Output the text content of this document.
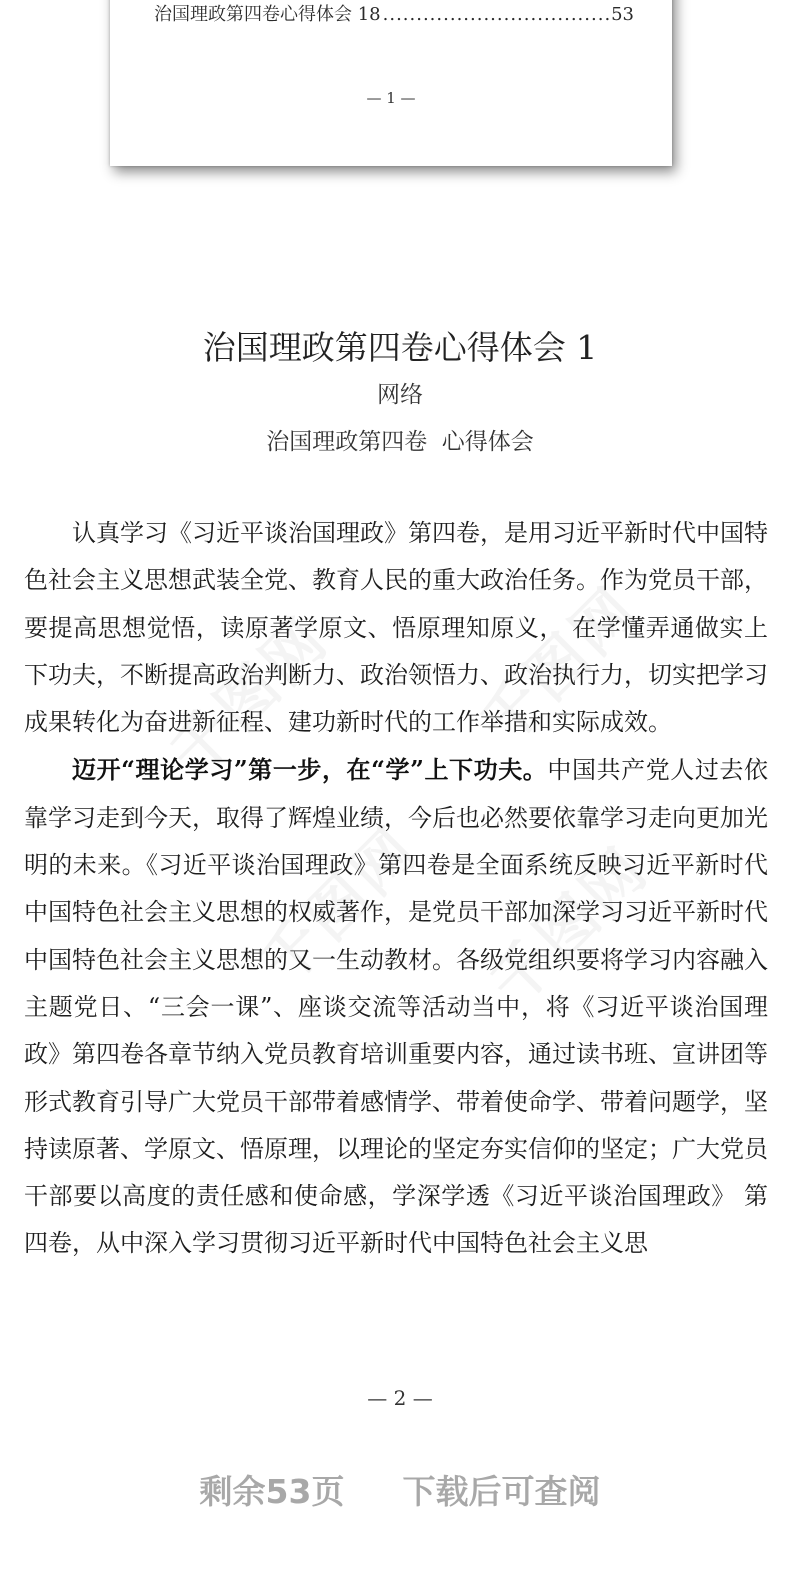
治国理政第四卷心得体会 18
.....	53
— 1 —
治国理政第四卷心得体会 1
网络
治国理政第四卷  心得体会

认真学习《习近平谈治国理政》第四卷，是用习近平新时代中国特色社会主义思想武装全党、教育人民的重大政治任务。作为党员干部，要提高思想觉悟，读原著学原文、悟原理知原义， 在学懂弄通做实上下功夫，不断提高政治判断力、政治领悟力、政治执行力，切实把学习成果转化为奋进新征程、建功新时代的工作举措和实际成效。

迈开“理论学习”第一步，在“学”上下功夫。中国共产党人过去依靠学习走到今天，取得了辉煌业绩，今后也必然要依靠学习走向更加光明的未来。《习近平谈治国理政》第四卷是全面系统反映习近平新时代中国特色社会主义思想的权威著作，是党员干部加深学习习近平新时代中国特色社会主义思想的又一生动教材。各级党组织要将学习内容融入主题党日、“三会一课”、座谈交流等活动当中，将《习近平谈治国理政》第四卷各章节纳入党员教育培训重要内容，通过读书班、宣讲团等形式教育引导广大党员干部带着感情学、带着使命学、带着问题学，坚持读原著、学原文、悟原理，以理论的坚定夯实信仰的坚定；广大党员干部要以高度的责任感和使命感，学深学透《习近平谈治国理政》 第四卷，从中深入学习贯彻习近平新时代中国特色社会主义思

— 2 —
剩余53页 下载后可查阅
